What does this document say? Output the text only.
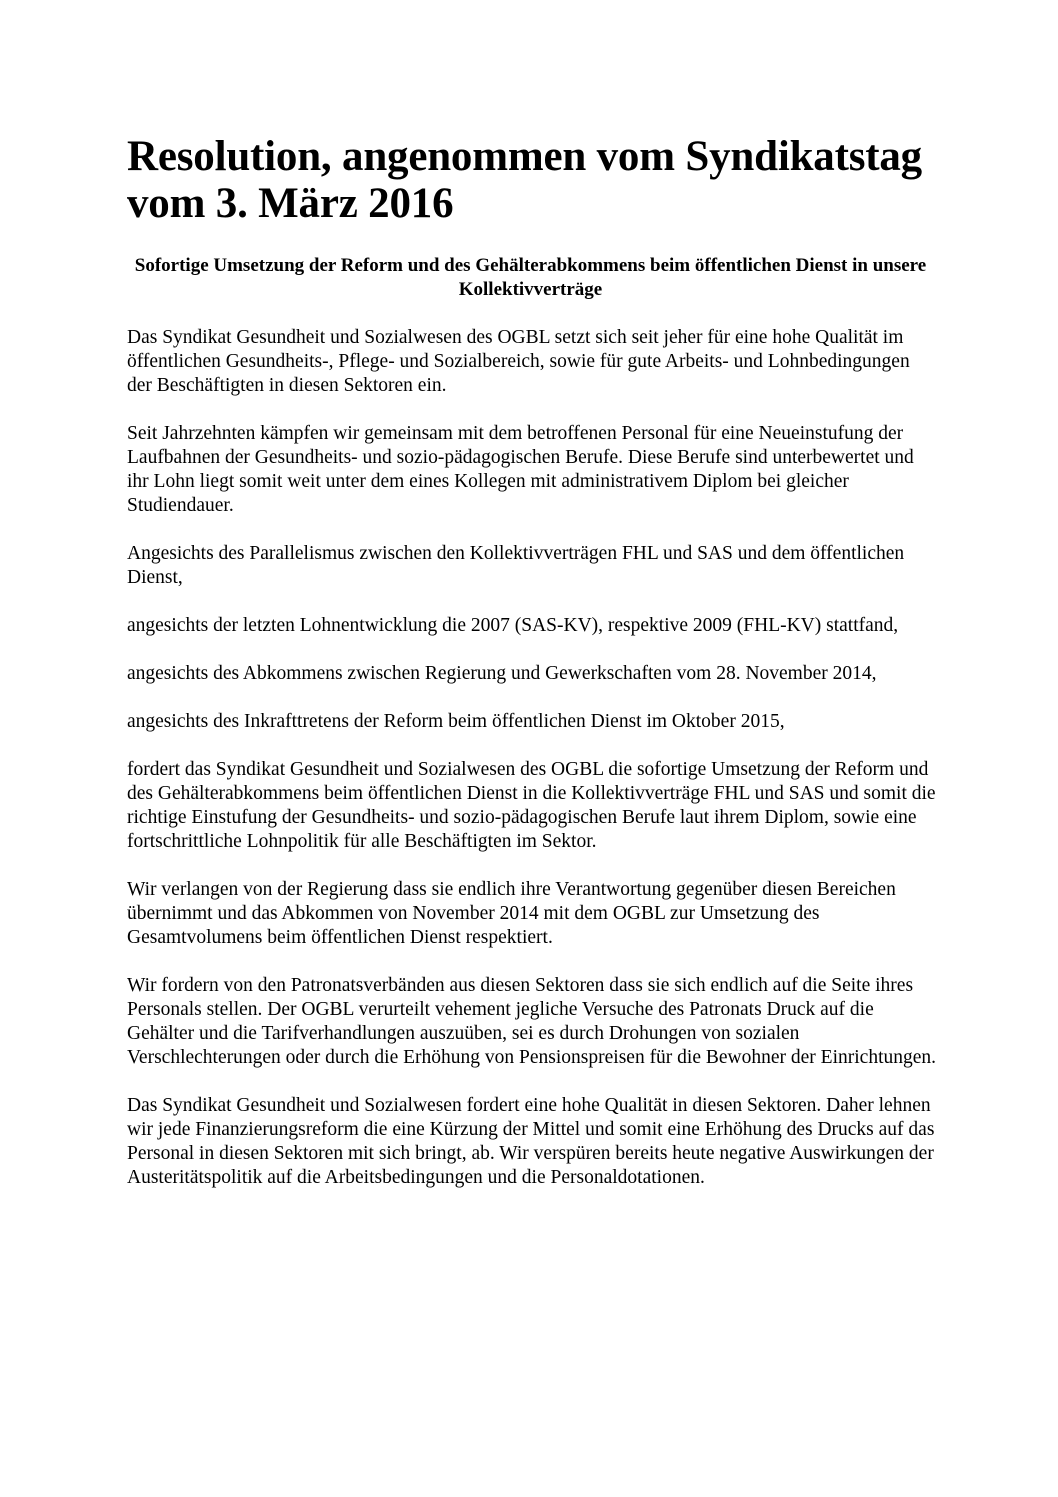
Resolution, angenommen vom Syndikatstag vom 3. März 2016

Sofortige Umsetzung der Reform und des Gehälterabkommens beim öffentlichen Dienst in unsere Kollektivverträge

Das Syndikat Gesundheit und Sozialwesen des OGBL setzt sich seit jeher für eine hohe Qualität im öffentlichen Gesundheits-, Pflege- und Sozialbereich, sowie für gute Arbeits- und Lohnbedingungen der Beschäftigten in diesen Sektoren ein.

Seit Jahrzehnten kämpfen wir gemeinsam mit dem betroffenen Personal für eine Neueinstufung der Laufbahnen der Gesundheits- und sozio-pädagogischen Berufe. Diese Berufe sind unterbewertet und ihr Lohn liegt somit weit unter dem eines Kollegen mit administrativem Diplom bei gleicher Studiendauer.

Angesichts des Parallelismus zwischen den Kollektivverträgen FHL und SAS und dem öffentlichen Dienst,

angesichts der letzten Lohnentwicklung die 2007 (SAS-KV), respektive 2009 (FHL-KV) stattfand,

angesichts des Abkommens zwischen Regierung und Gewerkschaften vom 28. November 2014,

angesichts des Inkrafttretens der Reform beim öffentlichen Dienst im Oktober 2015,

fordert das Syndikat Gesundheit und Sozialwesen des OGBL die sofortige Umsetzung der Reform und des Gehälterabkommens beim öffentlichen Dienst in die Kollektivverträge FHL und SAS und somit die richtige Einstufung der Gesundheits- und sozio-pädagogischen Berufe laut ihrem Diplom, sowie eine fortschrittliche Lohnpolitik für alle Beschäftigten im Sektor.

Wir verlangen von der Regierung dass sie endlich ihre Verantwortung gegenüber diesen Bereichen übernimmt und das Abkommen von November 2014 mit dem OGBL zur Umsetzung des Gesamtvolumens beim öffentlichen Dienst respektiert.

Wir fordern von den Patronatsverbänden aus diesen Sektoren dass sie sich endlich auf die Seite ihres Personals stellen. Der OGBL verurteilt vehement jegliche Versuche des Patronats Druck auf die Gehälter und die Tarifverhandlungen auszuüben, sei es durch Drohungen von sozialen Verschlechterungen oder durch die Erhöhung von Pensionspreisen für die Bewohner der Einrichtungen.

Das Syndikat Gesundheit und Sozialwesen fordert eine hohe Qualität in diesen Sektoren. Daher lehnen wir jede Finanzierungsreform die eine Kürzung der Mittel und somit eine Erhöhung des Drucks auf das Personal in diesen Sektoren mit sich bringt, ab. Wir verspüren bereits heute negative Auswirkungen der Austeritätspolitik auf die Arbeitsbedingungen und die Personaldotationen.
